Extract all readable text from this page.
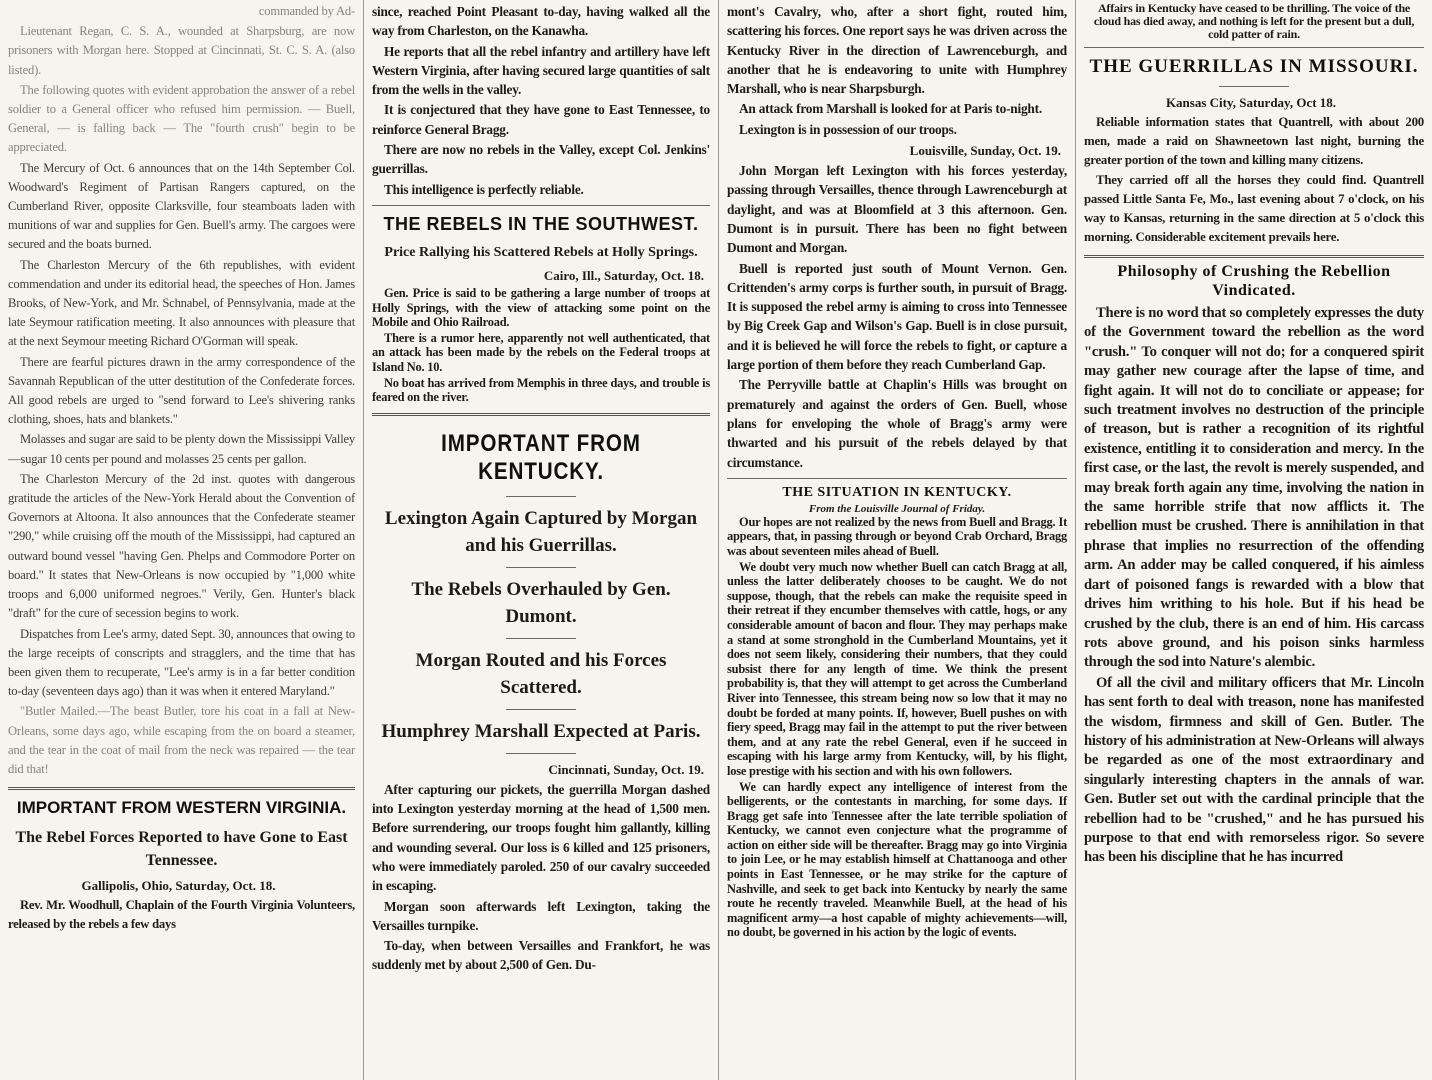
commanded by Ad-

Lieutenant Regan, C. S. A., wounded at Sharpsburg, are now prisoners with Morgan here. Stopped at Cincinnati, St. C. S. A. (also listed).

The following quotes with evident approbation the answer of a rebel soldier to a General officer who refused him permission. — Buell, General, — is falling back — The "fourth crush" begin to be appreciated.

The Mercury of Oct. 6 announces that on the 14th September Col. Woodward's Regiment of Partisan Rangers captured, on the Cumberland River, opposite Clarksville, four steamboats laden with munitions of war and supplies for Gen. Buell's army. The cargoes were secured and the boats burned.

The Charleston Mercury of the 6th republishes, with evident commendation and under its editorial head, the speeches of Hon. James Brooks, of New-York, and Mr. Schnabel, of Pennsylvania, made at the late Seymour ratification meeting. It also announces with pleasure that at the next Seymour meeting Richard O'Gorman will speak.

There are fearful pictures drawn in the army correspondence of the Savannah Republican of the utter destitution of the Confederate forces. All good rebels are urged to "send forward to Lee's shivering ranks clothing, shoes, hats and blankets."

Molasses and sugar are said to be plenty down the Mississippi Valley—sugar 10 cents per pound and molasses 25 cents per gallon.

The Charleston Mercury of the 2d inst. quotes with dangerous gratitude the articles of the New-York Herald about the Convention of Governors at Altoona. It also announces that the Confederate steamer "290," while cruising off the mouth of the Mississippi, had captured an outward bound vessel "having Gen. Phelps and Commodore Porter on board." It states that New-Orleans is now occupied by "1,000 white troops and 6,000 uniformed negroes." Verily, Gen. Hunter's black "draft" for the cure of secession begins to work.

Dispatches from Lee's army, dated Sept. 30, announces that owing to the large receipts of conscripts and stragglers, and the time that has been given them to recuperate, "Lee's army is in a far better condition to-day (seventeen days ago) than it was when it entered Maryland."

"Butler Mailed.—The beast Butler, tore his coat in a fall at New-Orleans, some days ago, while escaping from the on board a steamer, and the tear in the coat of mail from the neck was repaired — the tear did that!

IMPORTANT FROM WESTERN VIRGINIA.
The Rebel Forces Reported to have Gone to East Tennessee.
Gallipolis, Ohio, Saturday, Oct. 18.

Rev. Mr. Woodhull, Chaplain of the Fourth Virginia Volunteers, released by the rebels a few days

since, reached Point Pleasant to-day, having walked all the way from Charleston, on the Kanawha.

He reports that all the rebel infantry and artillery have left Western Virginia, after having secured large quantities of salt from the wells in the valley.

It is conjectured that they have gone to East Tennessee, to reinforce General Bragg.

There are now no rebels in the Valley, except Col. Jenkins' guerrillas.

This intelligence is perfectly reliable.

THE REBELS IN THE SOUTHWEST.
Price Rallying his Scattered Rebels at Holly Springs.
Cairo, Ill., Saturday, Oct. 18.

Gen. Price is said to be gathering a large number of troops at Holly Springs, with the view of attacking some point on the Mobile and Ohio Railroad.

There is a rumor here, apparently not well authenticated, that an attack has been made by the rebels on the Federal troops at Island No. 10.

No boat has arrived from Memphis in three days, and trouble is feared on the river.

IMPORTANT FROM KENTUCKY.
Lexington Again Captured by Morgan and his Guerrillas.
The Rebels Overhauled by Gen. Dumont.
Morgan Routed and his Forces Scattered.
Humphrey Marshall Expected at Paris.
Cincinnati, Sunday, Oct. 19.

After capturing our pickets, the guerrilla Morgan dashed into Lexington yesterday morning at the head of 1,500 men. Before surrendering, our troops fought him gallantly, killing and wounding several. Our loss is 6 killed and 125 prisoners, who were immediately paroled. 250 of our cavalry succeeded in escaping.

Morgan soon afterwards left Lexington, taking the Versailles turnpike.

To-day, when between Versailles and Frankfort, he was suddenly met by about 2,500 of Gen. Du-

mont's Cavalry, who, after a short fight, routed him, scattering his forces. One report says he was driven across the Kentucky River in the direction of Lawrenceburgh, and another that he is endeavoring to unite with Humphrey Marshall, who is near Sharpsburgh.

An attack from Marshall is looked for at Paris to-night.

Lexington is in possession of our troops.

Louisville, Sunday, Oct. 19.

John Morgan left Lexington with his forces yesterday, passing through Versailles, thence through Lawrenceburgh at daylight, and was at Bloomfield at 3 this afternoon. Gen. Dumont is in pursuit. There has been no fight between Dumont and Morgan.

Buell is reported just south of Mount Vernon. Gen. Crittenden's army corps is further south, in pursuit of Bragg. It is supposed the rebel army is aiming to cross into Tennessee by Big Creek Gap and Wilson's Gap. Buell is in close pursuit, and it is believed he will force the rebels to fight, or capture a large portion of them before they reach Cumberland Gap.

The Perryville battle at Chaplin's Hills was brought on prematurely and against the orders of Gen. Buell, whose plans for enveloping the whole of Bragg's army were thwarted and his pursuit of the rebels delayed by that circumstance.

THE SITUATION IN KENTUCKY.
From the Louisville Journal of Friday.

Our hopes are not realized by the news from Buell and Bragg. It appears, that, in passing through or beyond Crab Orchard, Bragg was about seventeen miles ahead of Buell.

We doubt very much now whether Buell can catch Bragg at all, unless the latter deliberately chooses to be caught. We do not suppose, though, that the rebels can make the requisite speed in their retreat if they encumber themselves with cattle, hogs, or any considerable amount of bacon and flour. They may perhaps make a stand at some stronghold in the Cumberland Mountains, yet it does not seem likely, considering their numbers, that they could subsist there for any length of time. We think the present probability is, that they will attempt to get across the Cumberland River into Tennessee, this stream being now so low that it may no doubt be forded at many points. If, however, Buell pushes on with fiery speed, Bragg may fail in the attempt to put the river between them, and at any rate the rebel General, even if he succeed in escaping with his large army from Kentucky, will, by his flight, lose prestige with his section and with his own followers.

We can hardly expect any intelligence of interest from the belligerents, or the contestants in marching, for some days. If Bragg get safe into Tennessee after the late terrible spoliation of Kentucky, we cannot even conjecture what the programme of action on either side will be thereafter. Bragg may go into Virginia to join Lee, or he may establish himself at Chattanooga and other points in East Tennessee, or he may strike for the capture of Nashville, and seek to get back into Kentucky by nearly the same route he recently traveled. Meanwhile Buell, at the head of his magnificent army—a host capable of mighty achievements—will, no doubt, be governed in his action by the logic of events.

Affairs in Kentucky have ceased to be thrilling. The voice of the cloud has died away, and nothing is left for the present but a dull, cold patter of rain.

THE GUERRILLAS IN MISSOURI.
Kansas City, Saturday, Oct 18.

Reliable information states that Quantrell, with about 200 men, made a raid on Shawneetown last night, burning the greater portion of the town and killing many citizens.

They carried off all the horses they could find. Quantrell passed Little Santa Fe, Mo., last evening about 7 o'clock, on his way to Kansas, returning in the same direction at 5 o'clock this morning. Considerable excitement prevails here.

Philosophy of Crushing the Rebellion Vindicated.

There is no word that so completely expresses the duty of the Government toward the rebellion as the word "crush." To conquer will not do; for a conquered spirit may gather new courage after the lapse of time, and fight again. It will not do to conciliate or appease; for such treatment involves no destruction of the principle of treason, but is rather a recognition of its rightful existence, entitling it to consideration and mercy. In the first case, or the last, the revolt is merely suspended, and may break forth again any time, involving the nation in the same horrible strife that now afflicts it. The rebellion must be crushed. There is annihilation in that phrase that implies no resurrection of the offending arm. An adder may be called conquered, if his aimless dart of poisoned fangs is rewarded with a blow that drives him writhing to his hole. But if his head be crushed by the club, there is an end of him. His carcass rots above ground, and his poison sinks harmless through the sod into Nature's alembic.

Of all the civil and military officers that Mr. Lincoln has sent forth to deal with treason, none has manifested the wisdom, firmness and skill of Gen. Butler. The history of his administration at New-Orleans will always be regarded as one of the most extraordinary and singularly interesting chapters in the annals of war. Gen. Butler set out with the cardinal principle that the rebellion had to be "crushed," and he has pursued his purpose to that end with remorseless rigor. So severe has been his discipline that he has incurred
